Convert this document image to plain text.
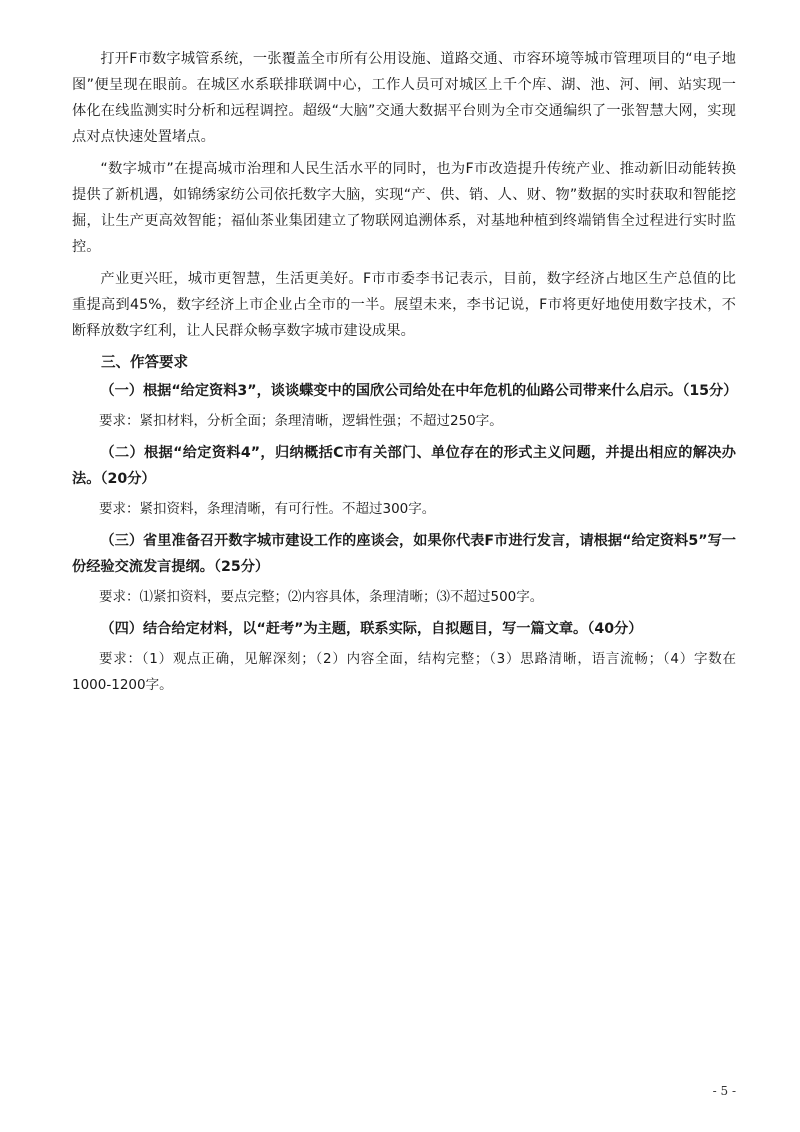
打开F市数字城管系统，一张覆盖全市所有公用设施、道路交通、市容环境等城市管理项目的“电子地图”便呈现在眼前。在城区水系联排联调中心，工作人员可对城区上千个库、湖、池、河、闸、站实现一体化在线监测实时分析和远程调控。超级“大脑”交通大数据平台则为全市交通编织了一张智慧大网，实现点对点快速处置堵点。

“数字城市”在提高城市治理和人民生活水平的同时，也为F市改造提升传统产业、推动新旧动能转换提供了新机遇，如锦绣家纺公司依托数字大脑，实现“产、供、销、人、财、物”数据的实时获取和智能挖掘，让生产更高效智能；福仙茶业集团建立了物联网追溯体系，对基地种植到终端销售全过程进行实时监控。

产业更兴旺，城市更智慧，生活更美好。F市市委李书记表示，目前，数字经济占地区生产总值的比重提高到45%，数字经济上市企业占全市的一半。展望未来，李书记说，F市将更好地使用数字技术，不断释放数字红利，让人民群众畅享数字城市建设成果。

三、作答要求

（一）根据“给定资料3”，谈谈蝶变中的国欣公司给处在中年危机的仙路公司带来什么启示。（15分）

要求：紧扣材料，分析全面；条理清晰，逻辑性强；不超过250字。

（二）根据“给定资料4”，归纳概括C市有关部门、单位存在的形式主义问题，并提出相应的解决办法。（20分）

要求：紧扣资料，条理清晰，有可行性。不超过300字。

（三）省里准备召开数字城市建设工作的座谈会，如果你代表F市进行发言，请根据“给定资料5”写一份经验交流发言提纲。（25分）

要求：⑴紧扣资料，要点完整；⑵内容具体，条理清晰；⑶不超过500字。

（四）结合给定材料，以“赶考”为主题，联系实际，自拟题目，写一篇文章。（40分）

要求：（1）观点正确，见解深刻；（2）内容全面，结构完整；（3）思路清晰，语言流畅；（4）字数在1000-1200字。

- 5 -
